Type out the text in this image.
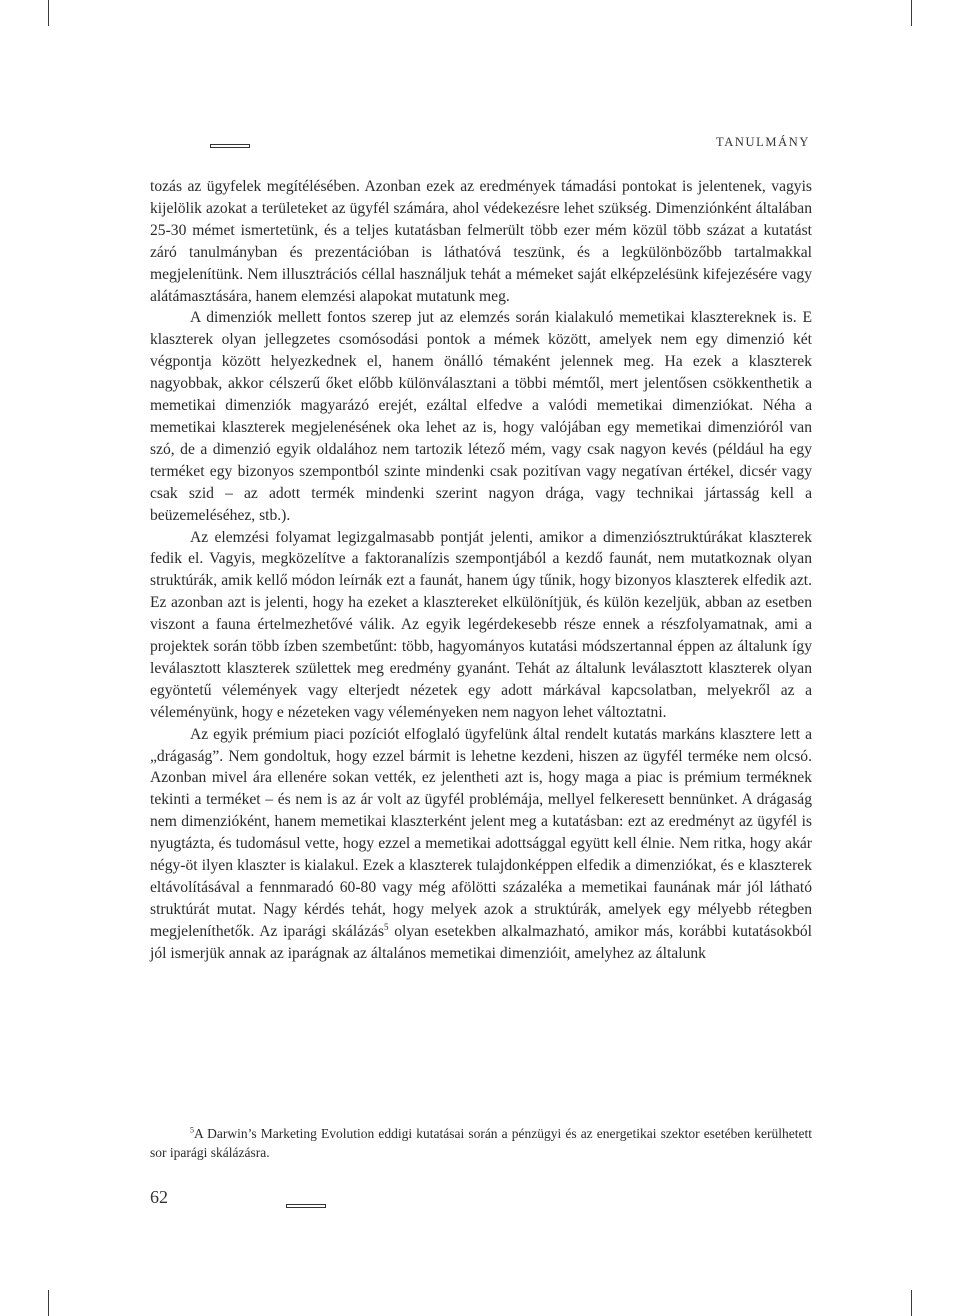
TANULMÁNY

tozás az ügyfelek megítélésében. Azonban ezek az eredmények támadási pontokat is jelentenek, vagyis kijelölik azokat a területeket az ügyfél számára, ahol védekezésre lehet szükség. Dimenziónként általában 25-30 mémet ismertetünk, és a teljes kutatásban felmerült több ezer mém közül több százat a kutatást záró tanulmányban és prezentációban is láthatóvá teszünk, és a legkülönbözőbb tartalmakkal megjelenítünk. Nem illusztrációs céllal használjuk tehát a mémeket saját elképzelésünk kifejezésére vagy alátámasztására, hanem elemzési alapokat mutatunk meg.

A dimenziók mellett fontos szerep jut az elemzés során kialakuló memetikai klasztereknek is. E klaszterek olyan jellegzetes csomósodási pontok a mémek között, amelyek nem egy dimenzió két végpontja között helyezkednek el, hanem önálló témaként jelennek meg. Ha ezek a klaszterek nagyobbak, akkor célszerű őket előbb különválasztani a többi mémtől, mert jelentősen csökkenthetik a memetikai dimenziók magyarázó erejét, ezáltal elfedve a valódi memetikai dimenziókat. Néha a memetikai klaszterek megjelenésének oka lehet az is, hogy valójában egy memetikai dimenzióról van szó, de a dimenzió egyik oldalához nem tartozik létező mém, vagy csak nagyon kevés (például ha egy terméket egy bizonyos szempontból szinte mindenki csak pozitívan vagy negatívan értékel, dicsér vagy csak szid – az adott termék mindenki szerint nagyon drága, vagy technikai jártasság kell a beüzemeléséhez, stb.).

Az elemzési folyamat legizgalmasabb pontját jelenti, amikor a dimenziósztruktúrákat klaszterek fedik el. Vagyis, megközelítve a faktoranalízis szempontjából a kezdő faunát, nem mutatkoznak olyan struktúrák, amik kellő módon leírnák ezt a faunát, hanem úgy tűnik, hogy bizonyos klaszterek elfedik azt. Ez azonban azt is jelenti, hogy ha ezeket a klasztereket elkülönítjük, és külön kezeljük, abban az esetben viszont a fauna értelmezhetővé válik. Az egyik legérdekesebb része ennek a részfolyamatnak, ami a projektek során több ízben szembetűnt: több, hagyományos kutatási módszertannal éppen az általunk így leválasztott klaszterek születtek meg eredmény gyanánt. Tehát az általunk leválasztott klaszterek olyan egyöntetű vélemények vagy elterjedt nézetek egy adott márkával kapcsolatban, melyekről az a véleményünk, hogy e nézeteken vagy véleményeken nem nagyon lehet változtatni.

Az egyik prémium piaci pozíciót elfoglaló ügyfelünk által rendelt kutatás markáns klasztere lett a „drágaság”. Nem gondoltuk, hogy ezzel bármit is lehetne kezdeni, hiszen az ügyfél terméke nem olcsó. Azonban mivel ára ellenére sokan vették, ez jelentheti azt is, hogy maga a piac is prémium terméknek tekinti a terméket – és nem is az ár volt az ügyfél problémája, mellyel felkeresett bennünket. A drágaság nem dimenzióként, hanem memetikai klaszterként jelent meg a kutatásban: ezt az eredményt az ügyfél is nyugtázta, és tudomásul vette, hogy ezzel a memetikai adottsággal együtt kell élnie. Nem ritka, hogy akár négy-öt ilyen klaszter is kialakul. Ezek a klaszterek tulajdonképpen elfedik a dimenziókat, és e klaszterek eltávolításával a fennmaradó 60-80 vagy még afölötti százaléka a memetikai faunának már jól látható struktúrát mutat. Nagy kérdés tehát, hogy melyek azok a struktúrák, amelyek egy mélyebb rétegben megjeleníthetők. Az iparági skálázás$^5$ olyan esetekben alkalmazható, amikor más, korábbi kutatásokból jól ismerjük annak az iparágnak az általános memetikai dimenzióit, amelyhez az általunk

$^5$A Darwin’s Marketing Evolution eddigi kutatásai során a pénzügyi és az energetikai szektor esetében kerülhetett sor iparági skálázásra.

62
